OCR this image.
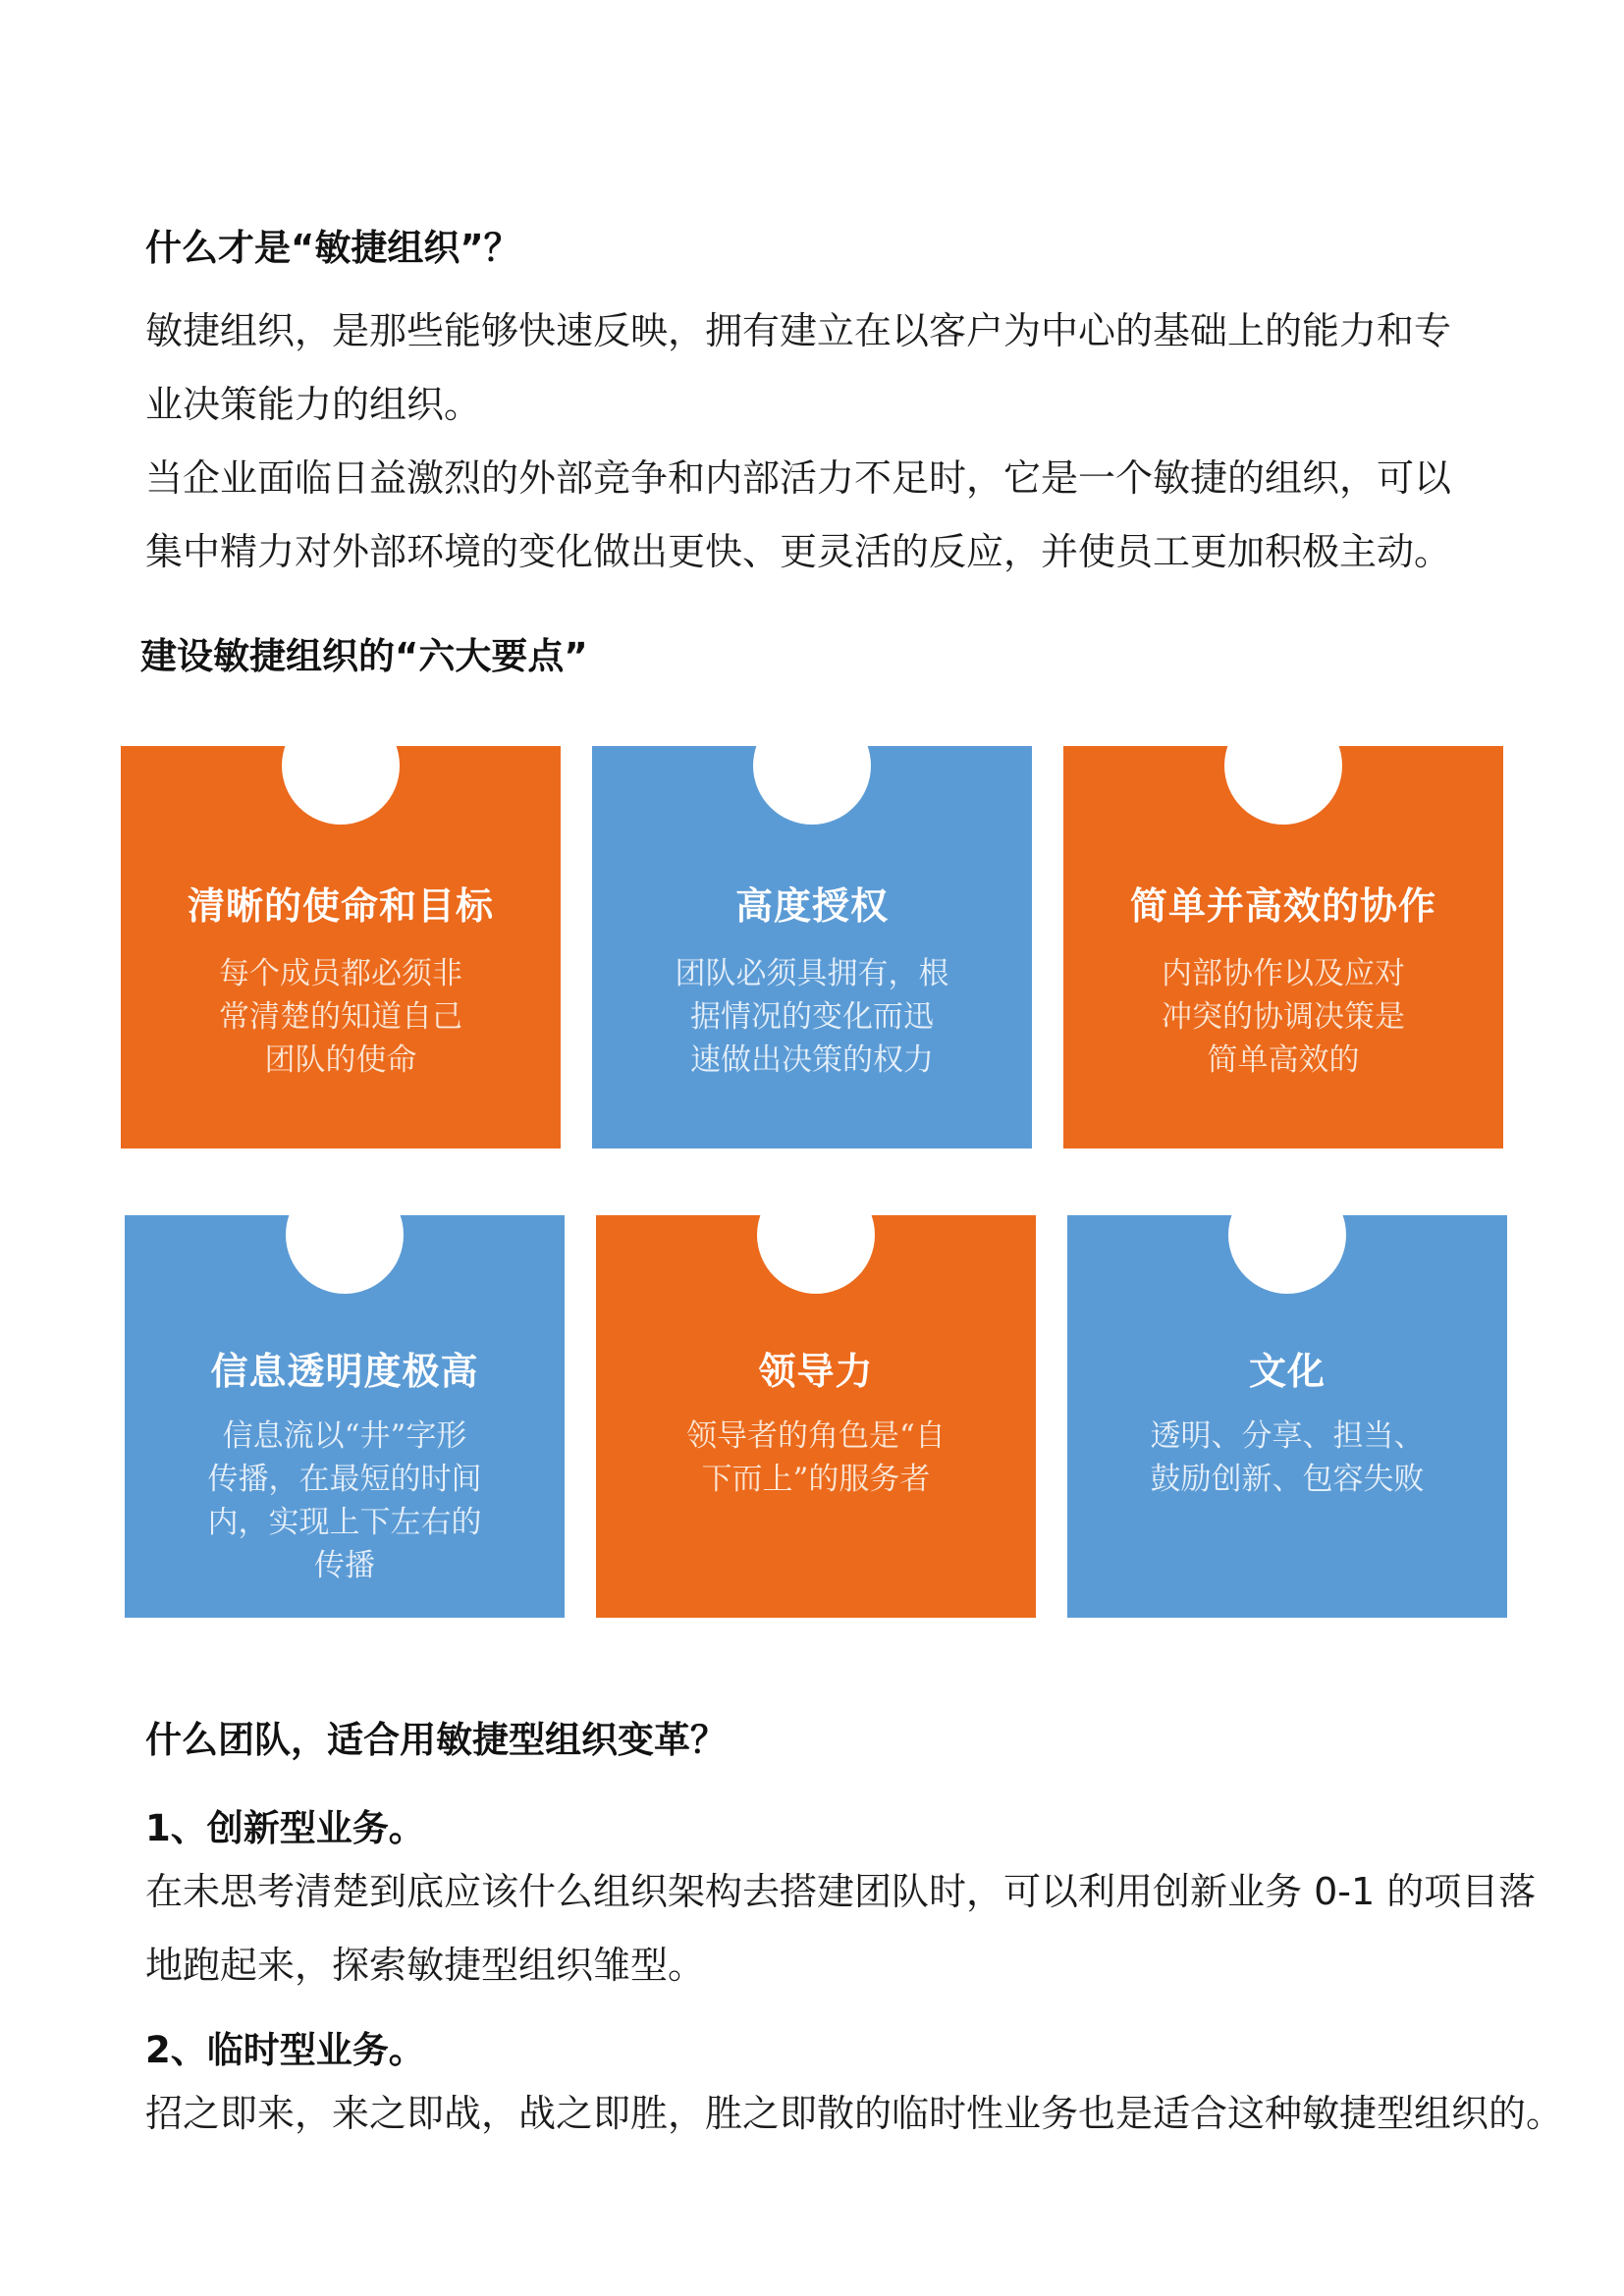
什么才是“敏捷组织”？

敏捷组织，是那些能够快速反映，拥有建立在以客户为中心的基础上的能力和专
业决策能力的组织。

当企业面临日益激烈的外部竞争和内部活力不足时，它是一个敏捷的组织，可以
集中精力对外部环境的变化做出更快、更灵活的反应，并使员工更加积极主动。

建设敏捷组织的“六大要点”
清晰的使命和目标
每个成员都必须非
常清楚的知道自己
团队的使命
高度授权
团队必须具拥有，根
据情况的变化而迅
速做出决策的权力
简单并高效的协作
内部协作以及应对
冲突的协调决策是
简单高效的
信息透明度极高
信息流以“井”字形
传播，在最短的时间
内，实现上下左右的
传播
领导力
领导者的角色是“自
下而上”的服务者
文化
透明、分享、担当、
鼓励创新、包容失败
什么团队，适合用敏捷型组织变革？
1、创新型业务。

在未思考清楚到底应该什么组织架构去搭建团队时，可以利用创新业务 0-1 的项目落
地跑起来，探索敏捷型组织雏型。

2、临时型业务。

招之即来，来之即战，战之即胜，胜之即散的临时性业务也是适合这种敏捷型组织的。
